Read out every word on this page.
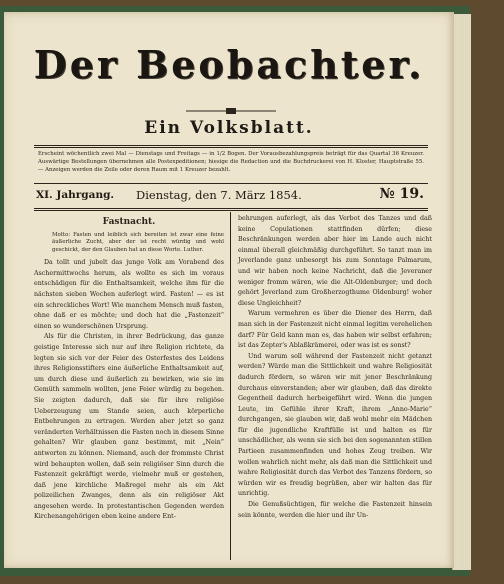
Der Beobachter.
Ein Volksblatt.
Erscheint wöchentlich zwei Mal — Dienstags und Freitags — in 1/2 Bogen. Der Vorausbezahlungspreis beträgt für das Quartal 36 Kreuzer. Auswärtige Bestellungen übernehmen alle Postexpeditionen; hiesige die Redaction und die Buchdruckerei von H. Kloster, Hauptstraße 55. — Anzeigen werden die Zeile oder deren Raum mit 1 Kreuzer bezahlt.
XI. Jahrgang. Dienstag, den 7. März 1854.	№ 19.
Fastnacht.
Motto: Fasten und leiblich sich bereiten ist zwar eine feine äußerliche Zucht, aber der ist recht würdig und wohl geschickt, der den Glauben hat an diese Worte. Luther.

Da tollt und jubelt das junge Volk am Vorabend des Aschermittwochs herum, als wollte es sich im voraus entschädigen für die Enthaltsamkeit, welche ihm für die nächsten sieben Wochen auferlegt wird. Fasten! — es ist ein schreckliches Wort! Wie manchem Mensch muß fasten, ohne daß er es möchte; und doch hat die „Fastenzeit“ einen so wunderschönen Ursprung.

Als für die Christen, in ihrer Bedrückung, das ganze geistige Interesse sich nur auf ihre Religion richtete, da legten sie sich vor der Feier des Osterfestes des Leidens ihres Religionsstifters eine äußerliche Enthaltsamkeit auf, um durch diese und äußerlich zu bewirken, wie sie im Gemüth sammeln wollten, jene Feier würdig zu begehen. Sie zeigten dadurch, daß sie für ihre religiöse Ueberzeugung um Stande seien, auch körperliche Entbehrungen zu ertragen. Werden aber jetzt so ganz veränderten Verhältnissen die Fasten noch in diesem Sinne gehalten? Wir glauben ganz bestimmt, mit „Nein“ antworten zu können. Niemand, auch der frommste Christ wird behaupten wollen, daß sein religiöser Sinn durch die Fastenzeit gekräftigt werde, vielmehr muß er gestehen, daß jene kirchliche Maßregel mehr als ein Akt polizeilichen Zwanges, denn als ein religiöser Akt angesehen werde. In protestantischen Gegenden werden Kirchenangehörigen eben keine andere Ent-

behrungen auferlegt, als das Verbot des Tanzes und daß keine Copulationen stattfinden dürfen; diese Beschränkungen werden aber hier im Lande auch nicht einmal überall gleichmäßig durchgeführt. So tanzt man im Jeverlande ganz unbesorgt bis zum Sonntage Palmarum, und wir haben noch keine Nachricht, daß die Jeveraner weniger fromm wären, wie die Alt-Oldenburger; und doch gehört Jeverland zum Großherzogthume Oldenburg! woher diese Ungleichheit?

Warum vermehren es über die Diener des Herrn, daß man sich in der Fastenzeit nicht einmal legitim verehelichen darf? Für Geld kann man es, das haben wir selbst erfahren; ist das Zepter's Ablaßkrämerei, oder was ist es sonst?

Und warum soll während der Fastenzeit nicht getanzt werden? Würde man die Sittlichkeit und wahre Religiosität dadurch fördern, so wären wir mit jener Beschränkung durchaus einverstanden; aber wir glauben, daß das direkte Gegentheil dadurch herbeigeführt wird. Wenn die jungen Leute, im Gefühle ihrer Kraft, ihrem „Anno-Marie“ durchgangen, sie glauben wir, daß wohl mehr ein Mädchen für die jugendliche Kraftfülle ist und halten es für unschädlicher, als wenn sie sich bei den sogenannten stillen Partieen zusammenfinden und hohes Zeug treiben. Wir wollen wahrlich nicht mehr, als daß man die Sittlichkeit und wahre Religiosität durch das Verbot des Tanzens fördern, so würden wir es freudig begrüßen, aber wir halten das für unrichtig.

Die Genußsüchtigen, für welche die Fastenzeit hinsein sein könnte, werden die hier und ihr Un-
